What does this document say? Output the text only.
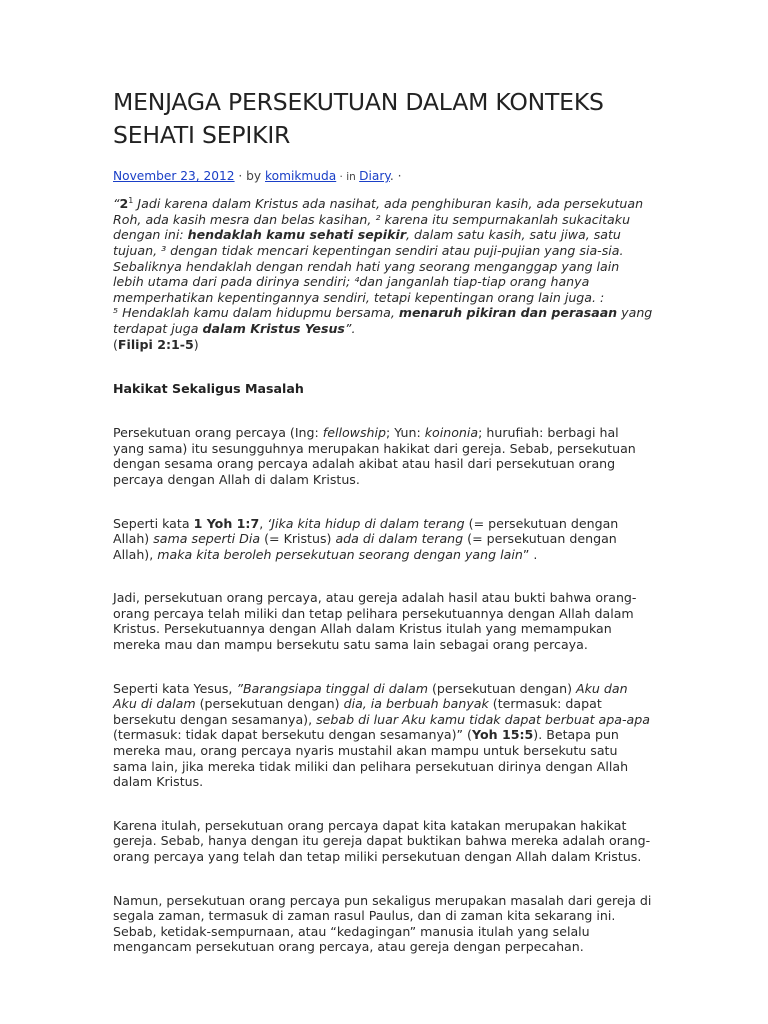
MENJAGA PERSEKUTUAN DALAM KONTEKS SEHATI SEPIKIR
November 23, 2012 · by komikmuda · in Diary. ·
“$2^1$ Jadi karena dalam Kristus ada nasihat, ada penghiburan kasih, ada persekutuan Roh, ada kasih mesra dan belas kasihan, ² karena itu sempurnakanlah sukacitaku dengan ini: hendaklah kamu sehati sepikir, dalam satu kasih, satu jiwa, satu tujuan, ³ dengan tidak mencari kepentingan sendiri atau puji-pujian yang sia-sia. Sebaliknya hendaklah dengan rendah hati yang seorang menganggap yang lain lebih utama dari pada dirinya sendiri; ⁴dan janganlah tiap-tiap orang hanya memperhatikan kepentingannya sendiri, tetapi kepentingan orang lain juga. :
⁵ Hendaklah kamu dalam hidupmu bersama, menaruh pikiran dan perasaan yang terdapat juga dalam Kristus Yesus”.
(Filipi 2:1-5)
Hakikat Sekaligus Masalah

Persekutuan orang percaya (Ing: fellowship; Yun: koinonia; hurufiah: berbagi hal yang sama) itu sesungguhnya merupakan hakikat dari gereja. Sebab, persekutuan dengan sesama orang percaya adalah akibat atau hasil dari persekutuan orang percaya dengan Allah di dalam Kristus.

Seperti kata 1 Yoh 1:7, ‘Jika kita hidup di dalam terang (= persekutuan dengan Allah) sama seperti Dia (= Kristus) ada di dalam terang (= persekutuan dengan Allah), maka kita beroleh persekutuan seorang dengan yang lain” .

Jadi, persekutuan orang percaya, atau gereja adalah hasil atau bukti bahwa orang-orang percaya telah miliki dan tetap pelihara persekutuannya dengan Allah dalam Kristus. Persekutuannya dengan Allah dalam Kristus itulah yang memampukan mereka mau dan mampu bersekutu satu sama lain sebagai orang percaya.

Seperti kata Yesus, ”Barangsiapa tinggal di dalam (persekutuan dengan) Aku dan Aku di dalam (persekutuan dengan) dia, ia berbuah banyak (termasuk: dapat bersekutu dengan sesamanya), sebab di luar Aku kamu tidak dapat berbuat apa-apa (termasuk: tidak dapat bersekutu dengan sesamanya)” (Yoh 15:5). Betapa pun mereka mau, orang percaya nyaris mustahil akan mampu untuk bersekutu satu sama lain, jika mereka tidak miliki dan pelihara persekutuan dirinya dengan Allah dalam Kristus.

Karena itulah, persekutuan orang percaya dapat kita katakan merupakan hakikat gereja. Sebab, hanya dengan itu gereja dapat buktikan bahwa mereka adalah orang-orang percaya yang telah dan tetap miliki persekutuan dengan Allah dalam Kristus.

Namun, persekutuan orang percaya pun sekaligus merupakan masalah dari gereja di segala zaman, termasuk di zaman rasul Paulus, dan di zaman kita sekarang ini. Sebab, ketidak-sempurnaan, atau “kedagingan” manusia itulah yang selalu mengancam persekutuan orang percaya, atau gereja dengan perpecahan.
